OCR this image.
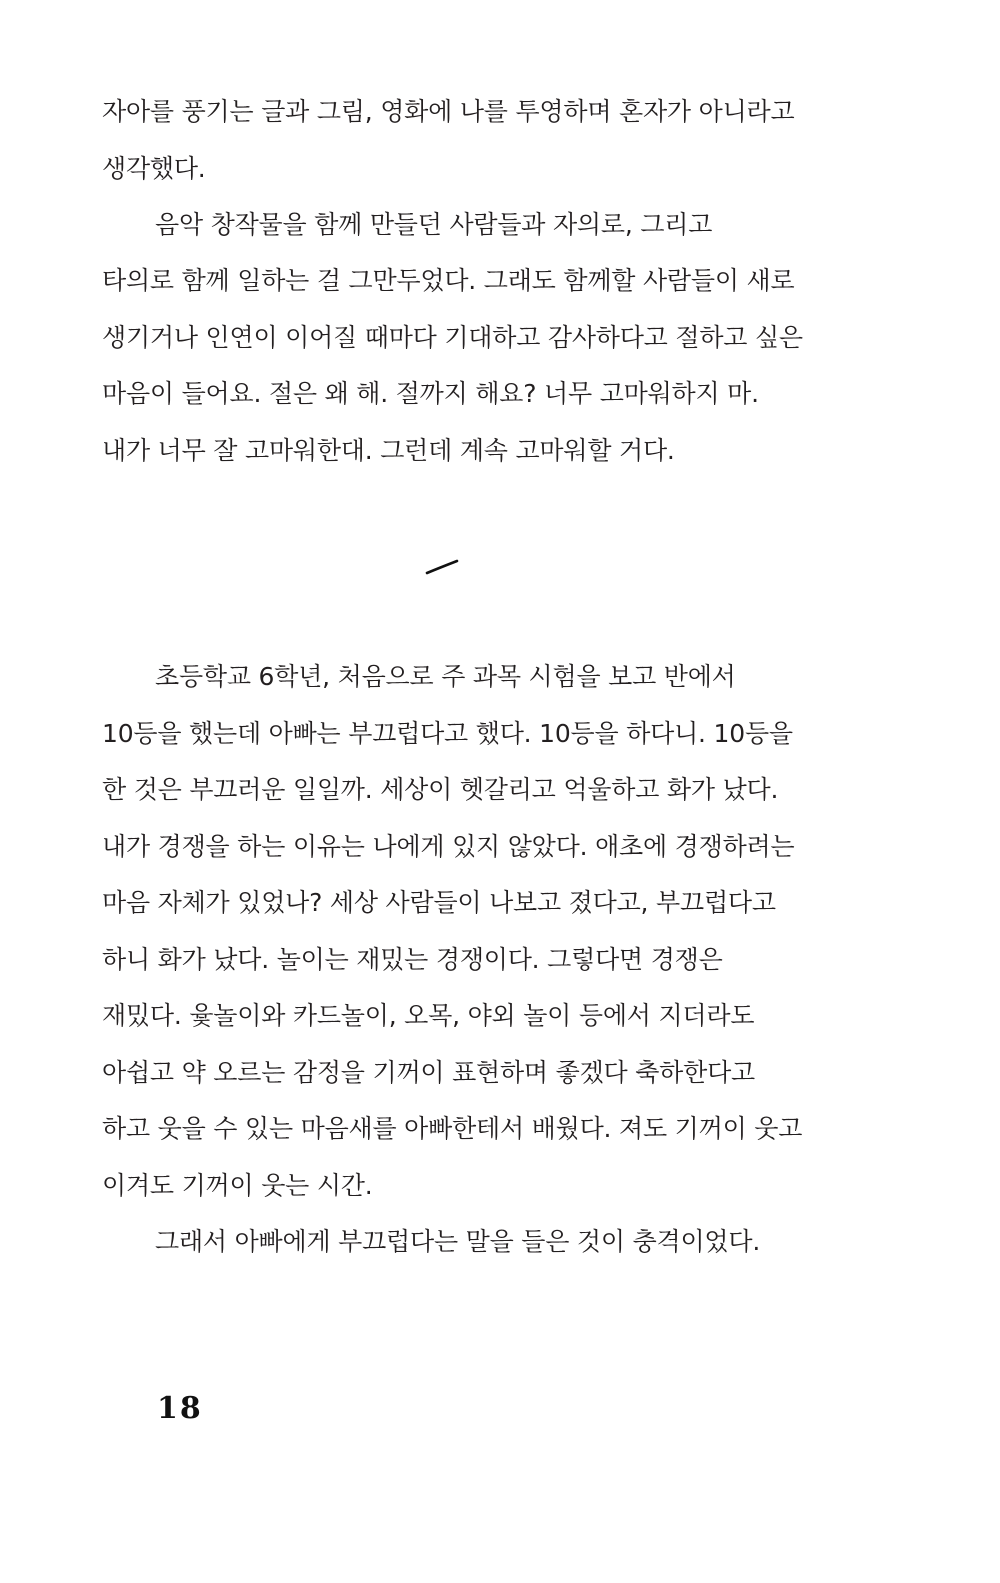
자아를 풍기는 글과 그림, 영화에 나를 투영하며 혼자가 아니라고
생각했다.
음악 창작물을 함께 만들던 사람들과 자의로, 그리고
타의로 함께 일하는 걸 그만두었다. 그래도 함께할 사람들이 새로
생기거나 인연이 이어질 때마다 기대하고 감사하다고 절하고 싶은
마음이 들어요. 절은 왜 해. 절까지 해요? 너무 고마워하지 마.
내가 너무 잘 고마워한대. 그런데 계속 고마워할 거다.
초등학교 6학년, 처음으로 주 과목 시험을 보고 반에서
10등을 했는데 아빠는 부끄럽다고 했다. 10등을 하다니. 10등을
한 것은 부끄러운 일일까. 세상이 헷갈리고 억울하고 화가 났다.
내가 경쟁을 하는 이유는 나에게 있지 않았다. 애초에 경쟁하려는
마음 자체가 있었나? 세상 사람들이 나보고 졌다고, 부끄럽다고
하니 화가 났다. 놀이는 재밌는 경쟁이다. 그렇다면 경쟁은
재밌다. 윷놀이와 카드놀이, 오목, 야외 놀이 등에서 지더라도
아쉽고 약 오르는 감정을 기꺼이 표현하며 좋겠다 축하한다고
하고 웃을 수 있는 마음새를 아빠한테서 배웠다. 져도 기꺼이 웃고
이겨도 기꺼이 웃는 시간.
그래서 아빠에게 부끄럽다는 말을 들은 것이 충격이었다.
18
